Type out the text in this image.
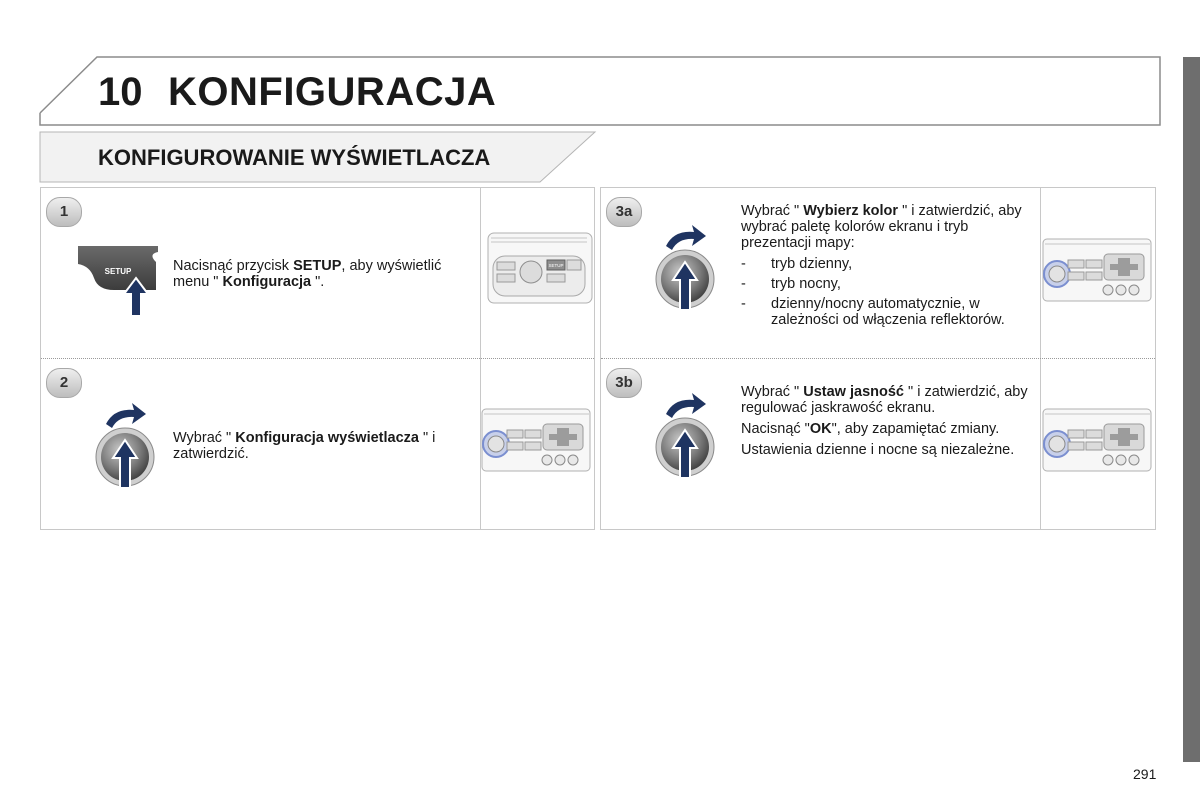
10 KONFIGURACJA
KONFIGUROWANIE WYŚWIETLACZA
1
SETUP	Nacisnąć przycisk SETUP, aby wyświetlić menu " Konfiguracja ".

SETUP
2

Wybrać " Konfiguracja wyświetlacza " i zatwierdzić.

3a	Wybrać " Wybierz kolor " i zatwierdzić, aby wybrać paletę kolorów ekranu i tryb prezentacji mapy:

- tryb dzienny,
- tryb nocny,
- dzienny/nocny automatycznie, w zależności od włączenia reflektorów.
3b

Wybrać " Ustaw jasność " i zatwierdzić, aby regulować jaskrawość ekranu.

Nacisnąć "OK", aby zapamiętać zmiany.

Ustawienia dzienne i nocne są niezależne.

291
